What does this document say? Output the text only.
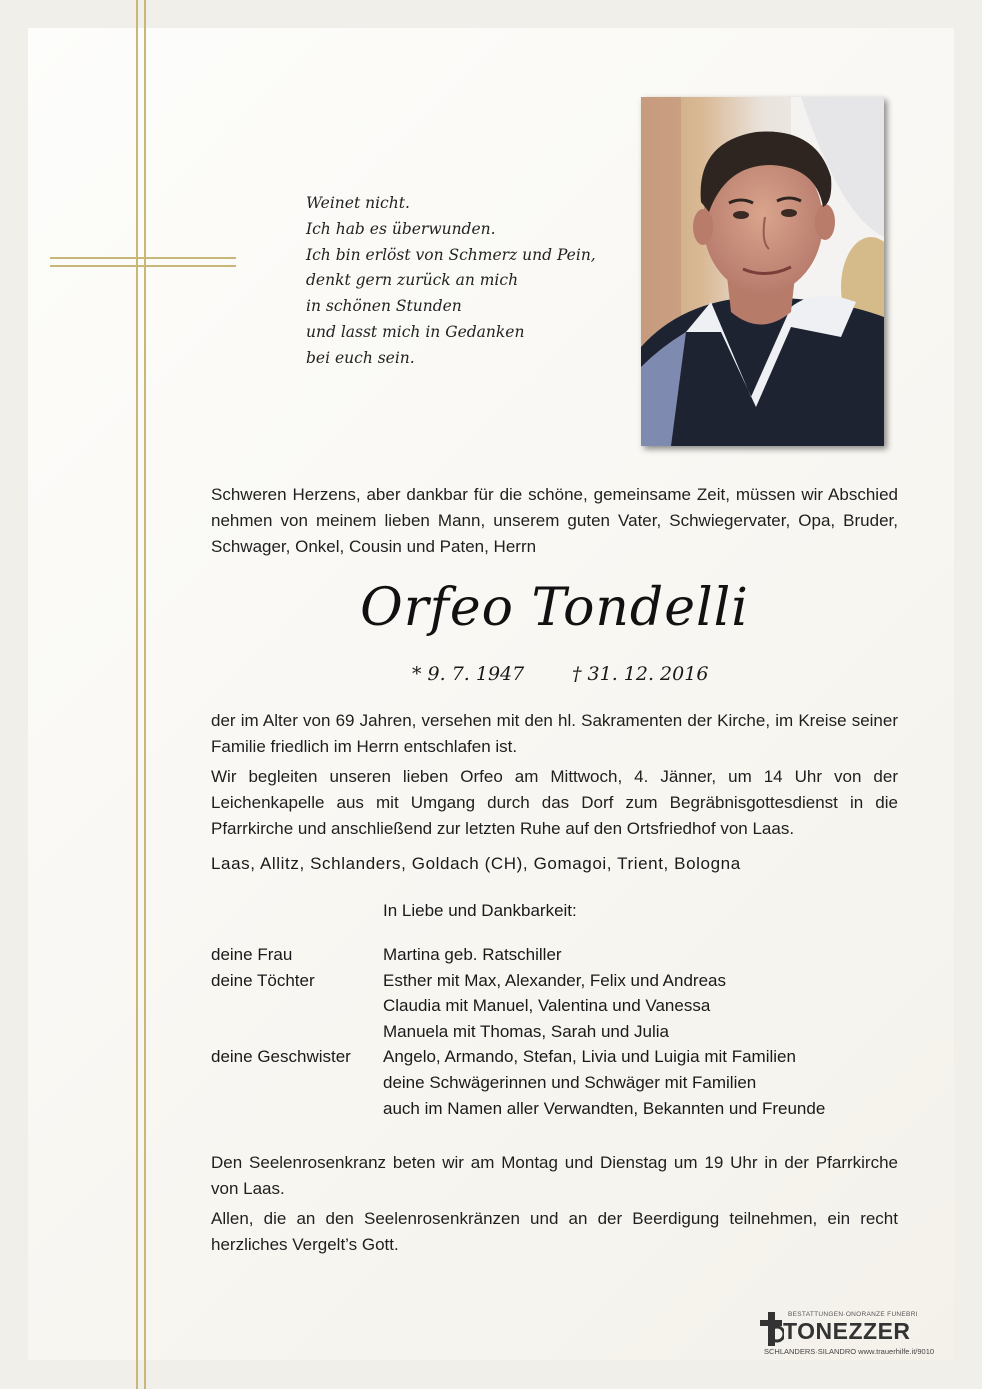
Weinet nicht.
Ich hab es überwunden.
Ich bin erlöst von Schmerz und Pein,
denkt gern zurück an mich
in schönen Stunden
und lasst mich in Gedanken
bei euch sein.
Schweren Herzens, aber dankbar für die schöne, gemeinsame Zeit, müssen wir Abschied nehmen von meinem lieben Mann, unserem guten Vater, Schwiegervater, Opa, Bruder, Schwager, Onkel, Cousin und Paten, Herrn
Orfeo Tondelli
* 9. 7. 1947	† 31. 12. 2016
der im Alter von 69 Jahren, versehen mit den hl. Sakramenten der Kirche, im Kreise seiner Familie friedlich im Herrn entschlafen ist.
Wir begleiten unseren lieben Orfeo am Mittwoch, 4. Jänner, um 14 Uhr von der Leichenkapelle aus mit Umgang durch das Dorf zum Begräbnisgottesdienst in die Pfarrkirche und anschließend zur letzten Ruhe auf den Ortsfriedhof von Laas.
Laas, Allitz, Schlanders, Goldach (CH), Gomagoi, Trient, Bologna
In Liebe und Dankbarkeit:
deine Frau	Martina geb. Ratschiller
deine Töchter	Esther mit Max, Alexander, Felix und Andreas
Claudia mit Manuel, Valentina und Vanessa
Manuela mit Thomas, Sarah und Julia
deine Geschwister	Angelo, Armando, Stefan, Livia und Luigia mit Familien
deine Schwägerinnen und Schwäger mit Familien
auch im Namen aller Verwandten, Bekannten und Freunde
Den Seelenrosenkranz beten wir am Montag und Dienstag um 19 Uhr in der Pfarrkirche von Laas.
Allen, die an den Seelenrosenkränzen und an der Beerdigung teilnehmen, ein recht herzliches Vergelt’s Gott.
BESTATTUNGEN·ONORANZE FUNEBRI
TONEZZER
SCHLANDERS·SILANDRO www.trauerhilfe.it/9010
